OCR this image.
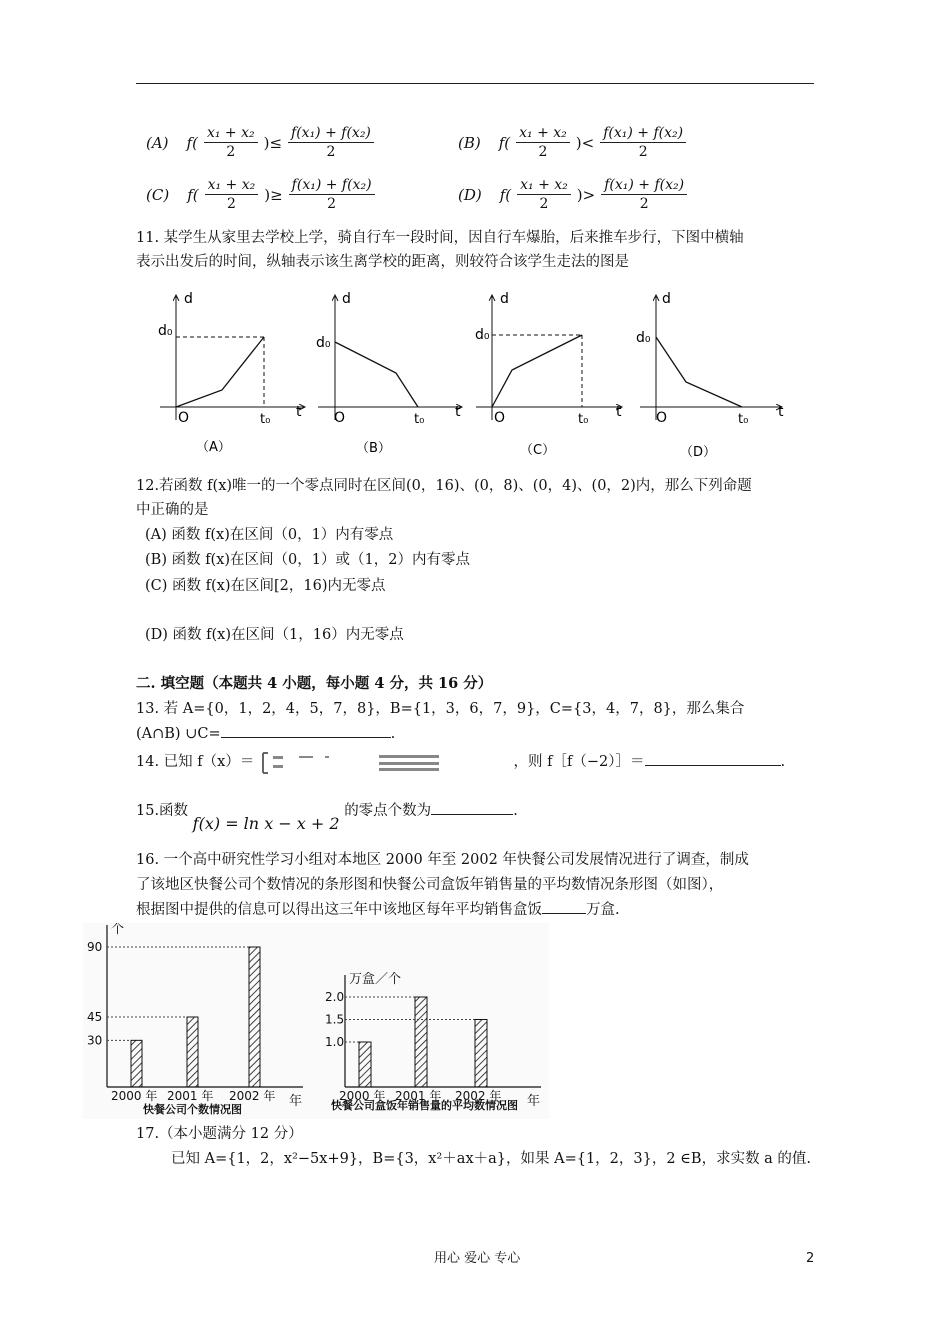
(A) $f( \frac{\text{x₁ + x₂}}{2}$ )≤ $\frac{\text{f(x₁) + f(x₂)}}{2}$	(B) $f( \frac{\text{x₁ + x₂}}{2}$ )< $\frac{\text{f(x₁) + f(x₂)}}{2}$
(C) $f( \frac{\text{x₁ + x₂}}{2}$ )≥ $\frac{\text{f(x₁) + f(x₂)}}{2}$	(D) $f( \frac{\text{x₁ + x₂}}{2}$ )> $\frac{\text{f(x₁) + f(x₂)}}{2}$
11. 某学生从家里去学校上学，骑自行车一段时间，因自行车爆胎，后来推车步行，下图中横轴
表示出发后的时间，纵轴表示该生离学校的距离，则较符合该学生走法的图是
d
d₀
O	t₀ t
（A）
d
d₀
O	t₀ t
（B）
d
d₀
O	t₀ t
（C）
d
d₀
O	t₀ t
（D）
12.若函数 f(x)唯一的一个零点同时在区间(0，16)、(0，8)、(0，4)、(0，2)内，那么下列命题
中正确的是
(A) 函数 f(x)在区间（0，1）内有零点
(B) 函数 f(x)在区间（0，1）或（1，2）内有零点
(C) 函数 f(x)在区间[2，16)内无零点
(D) 函数 f(x)在区间（1，16）内无零点
二. 填空题（本题共 4 小题，每小题 4 分，共 16 分）
13. 若 A={0，1，2，4，5，7，8}，B={1，3，6，7，9}，C={3，4，7，8}，那么集合
(A∩B) ∪C=	.
14. 已知 f（x）＝	，则 f［f（−2）］＝	.
15.函数 f(x) = ln x − x + 2 的零点个数为	.
16. 一个高中研究性学习小组对本地区 2000 年至 2002 年快餐公司发展情况进行了调查，制成
了该地区快餐公司个数情况的条形图和快餐公司盒饭年销售量的平均数情况条形图（如图），
根据图中提供的信息可以得出这三年中该地区每年平均销售盒饭	万盒.
2000 年 2001 年 2002 年
30
45
90
个
年
快餐公司个数情况图
2000 年 2001 年 2002 年
1.0
1.5
2.0
万盒／个
年
快餐公司盒饭年销售量的平均数情况图
17.（本小题满分 12 分）
已知 A={1，2，x²−5x+9}，B={3，x²＋ax＋a}，如果 A={1，2，3}，2 ∈B，求实数 a 的值.
用心 爱心 专心	2
